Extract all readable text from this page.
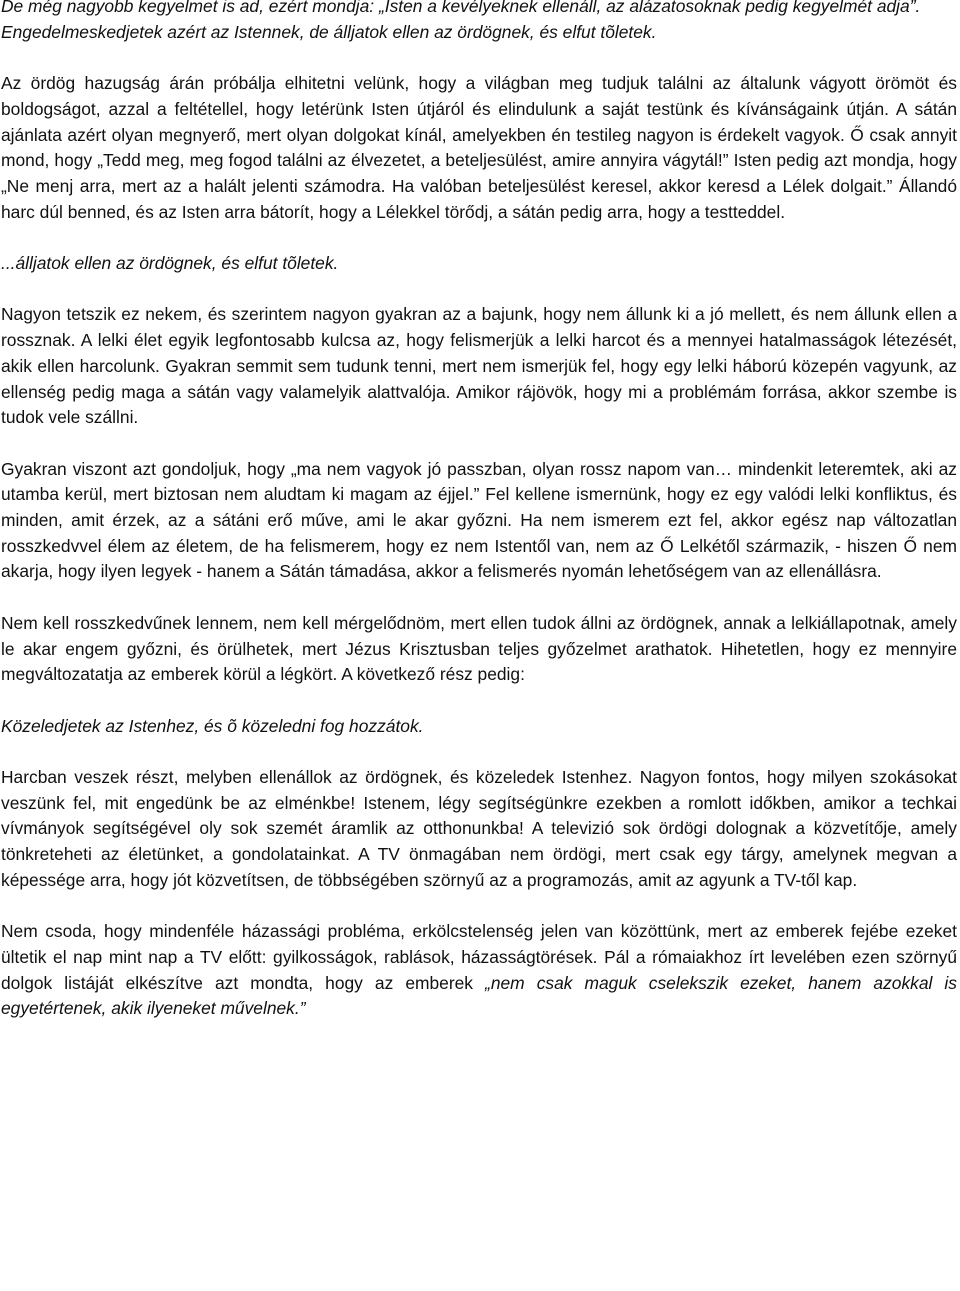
De még nagyobb kegyelmet is ad, ezért mondja: „Isten a kevélyeknek ellenáll, az alázatosoknak pedig kegyelmét adja”.
Engedelmeskedjetek azért az Istennek, de álljatok ellen az ördögnek, és elfut tõletek.

Az ördög hazugság árán próbálja elhitetni velünk, hogy a világban meg tudjuk találni az általunk vágyott örömöt és boldogságot, azzal a feltétellel, hogy letérünk Isten útjáról és elindulunk a saját testünk és kívánságaink útján. A sátán ajánlata azért olyan megnyerő, mert olyan dolgokat kínál, amelyekben én testileg nagyon is érdekelt vagyok. Ő csak annyit mond, hogy „Tedd meg, meg fogod találni az élvezetet, a beteljesülést, amire annyira vágytál!” Isten pedig azt mondja, hogy „Ne menj arra, mert az a halált jelenti számodra. Ha valóban beteljesülést keresel, akkor keresd a Lélek dolgait.” Állandó harc dúl benned, és az Isten arra bátorít, hogy a Lélekkel törődj, a sátán pedig arra, hogy a testteddel.

...álljatok ellen az ördögnek, és elfut tõletek.

Nagyon tetszik ez nekem, és szerintem nagyon gyakran az a bajunk, hogy nem állunk ki a jó mellett, és nem állunk ellen a rossznak. A lelki élet egyik legfontosabb kulcsa az, hogy felismerjük a lelki harcot és a mennyei hatalmasságok létezését, akik ellen harcolunk. Gyakran semmit sem tudunk tenni, mert nem ismerjük fel, hogy egy lelki háború közepén vagyunk, az ellenség pedig maga a sátán vagy valamelyik alattvalója. Amikor rájövök, hogy mi a problémám forrása, akkor szembe is tudok vele szállni.

Gyakran viszont azt gondoljuk, hogy „ma nem vagyok jó passzban, olyan rossz napom van… mindenkit leteremtek, aki az utamba kerül, mert biztosan nem aludtam ki magam az éjjel.” Fel kellene ismernünk, hogy ez egy valódi lelki konfliktus, és minden, amit érzek, az a sátáni erő műve, ami le akar győzni. Ha nem ismerem ezt fel, akkor egész nap változatlan rosszkedvvel élem az életem, de ha felismerem, hogy ez nem Istentől van, nem az Ő Lelkétől származik, - hiszen Ő nem akarja, hogy ilyen legyek - hanem a Sátán támadása, akkor a felismerés nyomán lehetőségem van az ellenállásra.

Nem kell rosszkedvűnek lennem, nem kell mérgelődnöm, mert ellen tudok állni az ördögnek, annak a lelkiállapotnak, amely le akar engem győzni, és örülhetek, mert Jézus Krisztusban teljes győzelmet arathatok. Hihetetlen, hogy ez mennyire megváltozatatja az emberek körül a légkört. A következő rész pedig:

Közeledjetek az Istenhez, és õ közeledni fog hozzátok.

Harcban veszek részt, melyben ellenállok az ördögnek, és közeledek Istenhez. Nagyon fontos, hogy milyen szokásokat veszünk fel, mit engedünk be az elménkbe! Istenem, légy segítségünkre ezekben a romlott időkben, amikor a techkai vívmányok segítségével oly sok szemét áramlik az otthonunkba! A televizió sok ördögi dolognak a közvetítője, amely tönkreteheti az életünket, a gondolatainkat. A TV önmagában nem ördögi, mert csak egy tárgy, amelynek megvan a képessége arra, hogy jót közvetítsen, de többségében szörnyű az a programozás, amit az agyunk a TV-től kap.

Nem csoda, hogy mindenféle házassági probléma, erkölcstelenség jelen van közöttünk, mert az emberek fejébe ezeket ültetik el nap mint nap a TV előtt: gyilkosságok, rablások, házasságtörések. Pál a rómaiakhoz írt levelében ezen szörnyű dolgok listáját elkészítve azt mondta, hogy az emberek „nem csak maguk cselekszik ezeket, hanem azokkal is egyetértenek, akik ilyeneket művelnek.”
